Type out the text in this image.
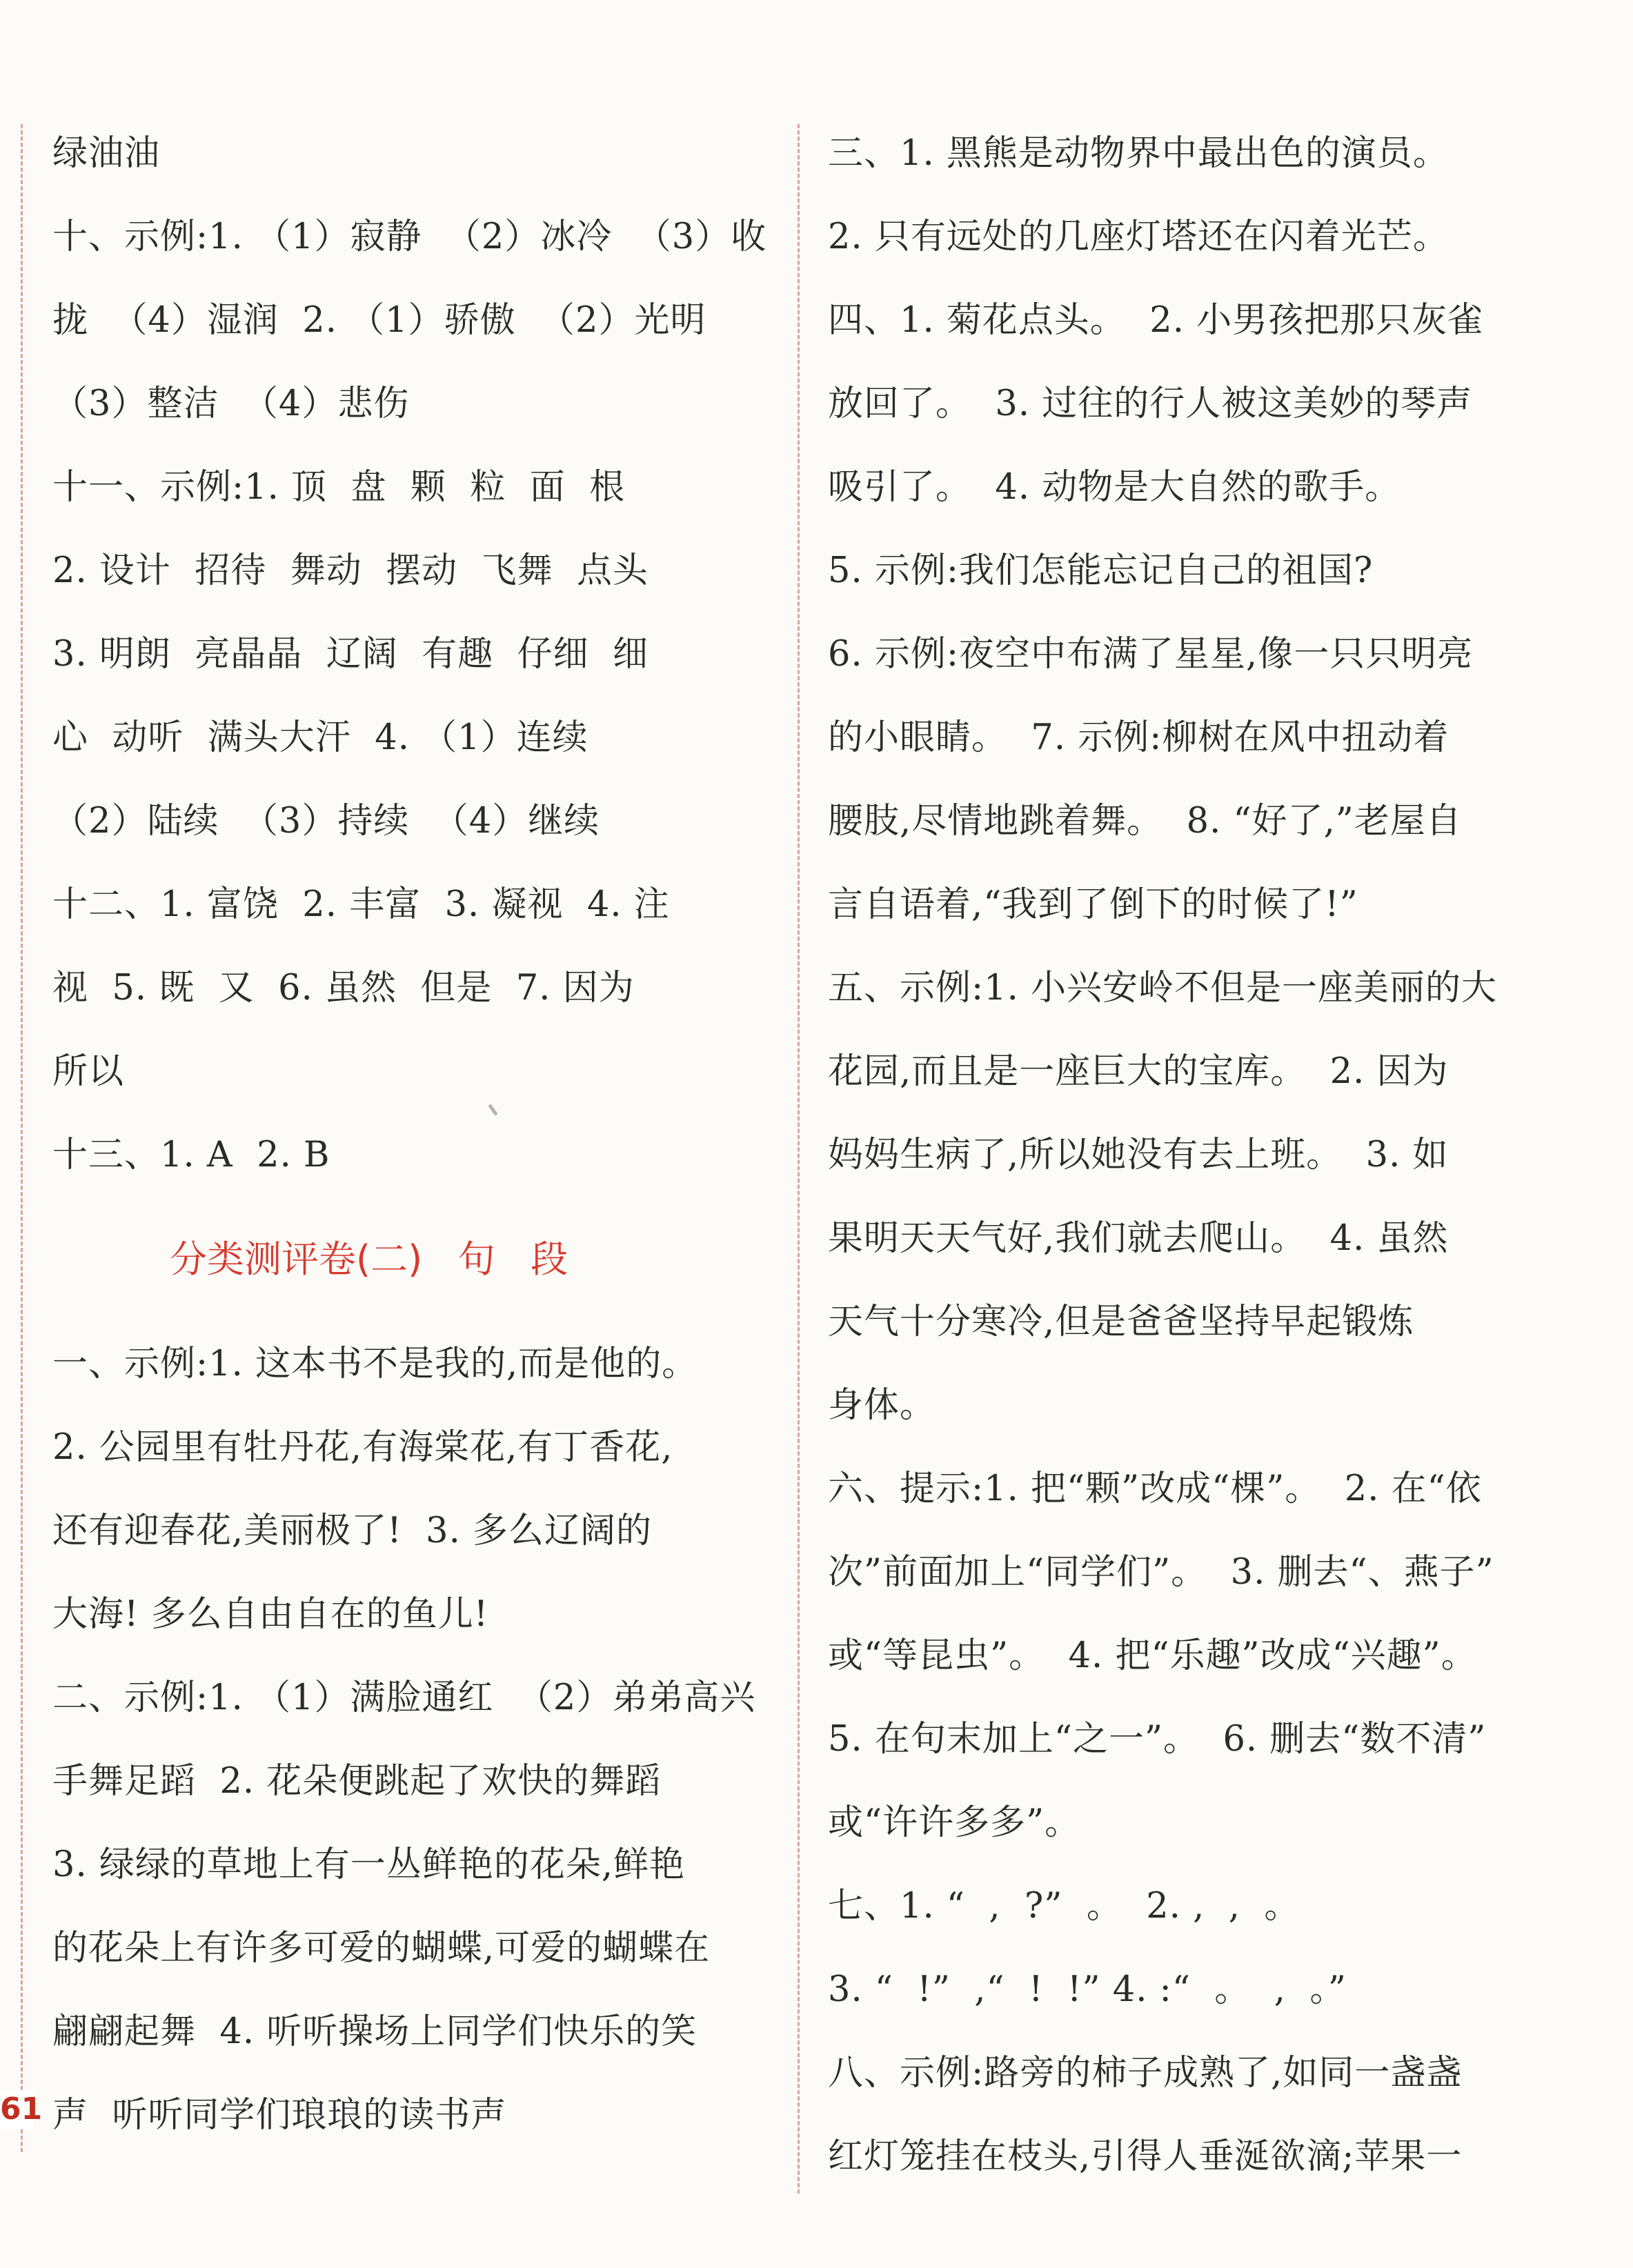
绿油油
十、示例:1. （1）寂静  （2）冰冷  （3）收
拢  （4）湿润  2. （1）骄傲  （2）光明
（3）整洁  （4）悲伤
十一、示例:1. 顶  盘  颗  粒  面  根
2. 设计  招待  舞动  摆动  飞舞  点头
3. 明朗  亮晶晶  辽阔  有趣  仔细  细
心  动听  满头大汗  4. （1）连续
（2）陆续  （3）持续  （4）继续
十二、1. 富饶  2. 丰富  3. 凝视  4. 注
视  5. 既  又  6. 虽然  但是  7. 因为
所以
十三、1. A  2. B
分类测评卷(二)   句   段
一、示例:1. 这本书不是我的,而是他的。
2. 公园里有牡丹花,有海棠花,有丁香花,
还有迎春花,美丽极了!  3. 多么辽阔的
大海! 多么自由自在的鱼儿!
二、示例:1. （1）满脸通红  （2）弟弟高兴
手舞足蹈  2. 花朵便跳起了欢快的舞蹈
3. 绿绿的草地上有一丛鲜艳的花朵,鲜艳
的花朵上有许多可爱的蝴蝶,可爱的蝴蝶在
翩翩起舞  4. 听听操场上同学们快乐的笑
声  听听同学们琅琅的读书声
三、1. 黑熊是动物界中最出色的演员。
2. 只有远处的几座灯塔还在闪着光芒。
四、1. 菊花点头。  2. 小男孩把那只灰雀
放回了。  3. 过往的行人被这美妙的琴声
吸引了。  4. 动物是大自然的歌手。
5. 示例:我们怎能忘记自己的祖国?
6. 示例:夜空中布满了星星,像一只只明亮
的小眼睛。  7. 示例:柳树在风中扭动着
腰肢,尽情地跳着舞。  8. “好了,”老屋自
言自语着,“我到了倒下的时候了!”
五、示例:1. 小兴安岭不但是一座美丽的大
花园,而且是一座巨大的宝库。  2. 因为
妈妈生病了,所以她没有去上班。  3. 如
果明天天气好,我们就去爬山。  4. 虽然
天气十分寒冷,但是爸爸坚持早起锻炼
身体。
六、提示:1. 把“颗”改成“棵”。  2. 在“依
次”前面加上“同学们”。  3. 删去“、燕子”
或“等昆虫”。  4. 把“乐趣”改成“兴趣”。
5. 在句末加上“之一”。  6. 删去“数不清”
或“许许多多”。
七、1. “  ,  ?”  。  2. ,  ,  。
3. “  !”  ,“  !  !” 4. :“  。  ,  。”
八、示例:路旁的柿子成熟了,如同一盏盏
红灯笼挂在枝头,引得人垂涎欲滴;苹果一
61
